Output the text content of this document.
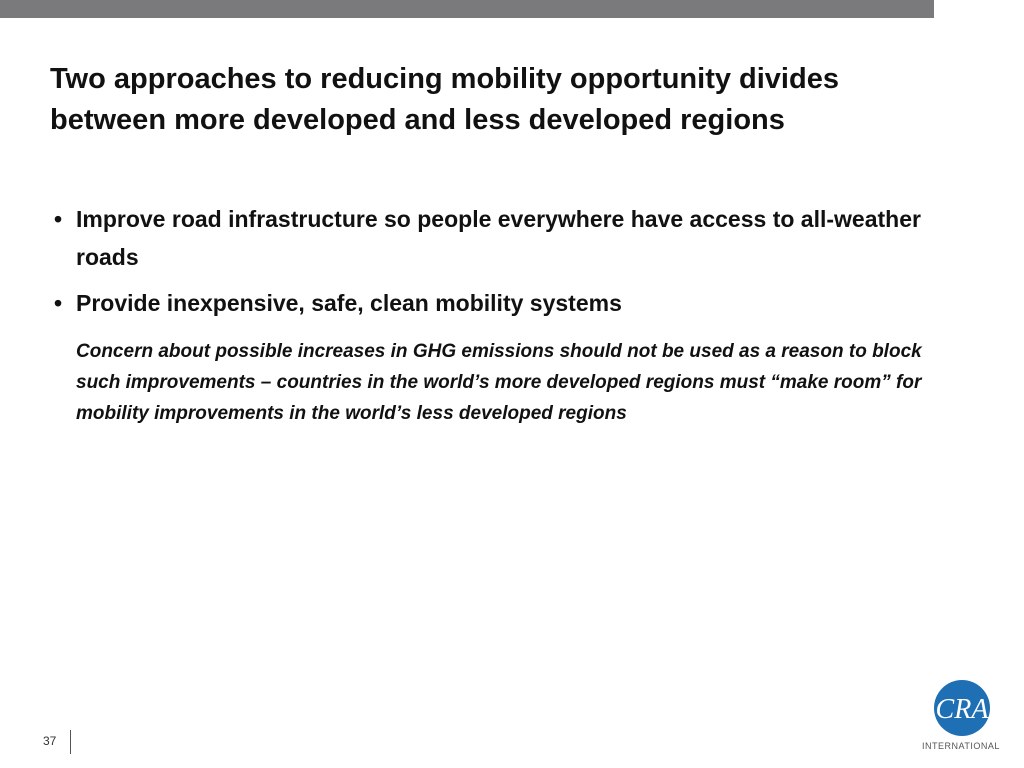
Two approaches to reducing mobility opportunity divides between more developed and less developed regions
• Improve road infrastructure so people everywhere have access to all-weather roads
• Provide inexpensive, safe, clean mobility systems

Concern about possible increases in GHG emissions should not be used as a reason to block such improvements – countries in the world’s more developed regions must “make room” for mobility improvements in the world’s less developed regions

37
CRA
INTERNATIONAL
